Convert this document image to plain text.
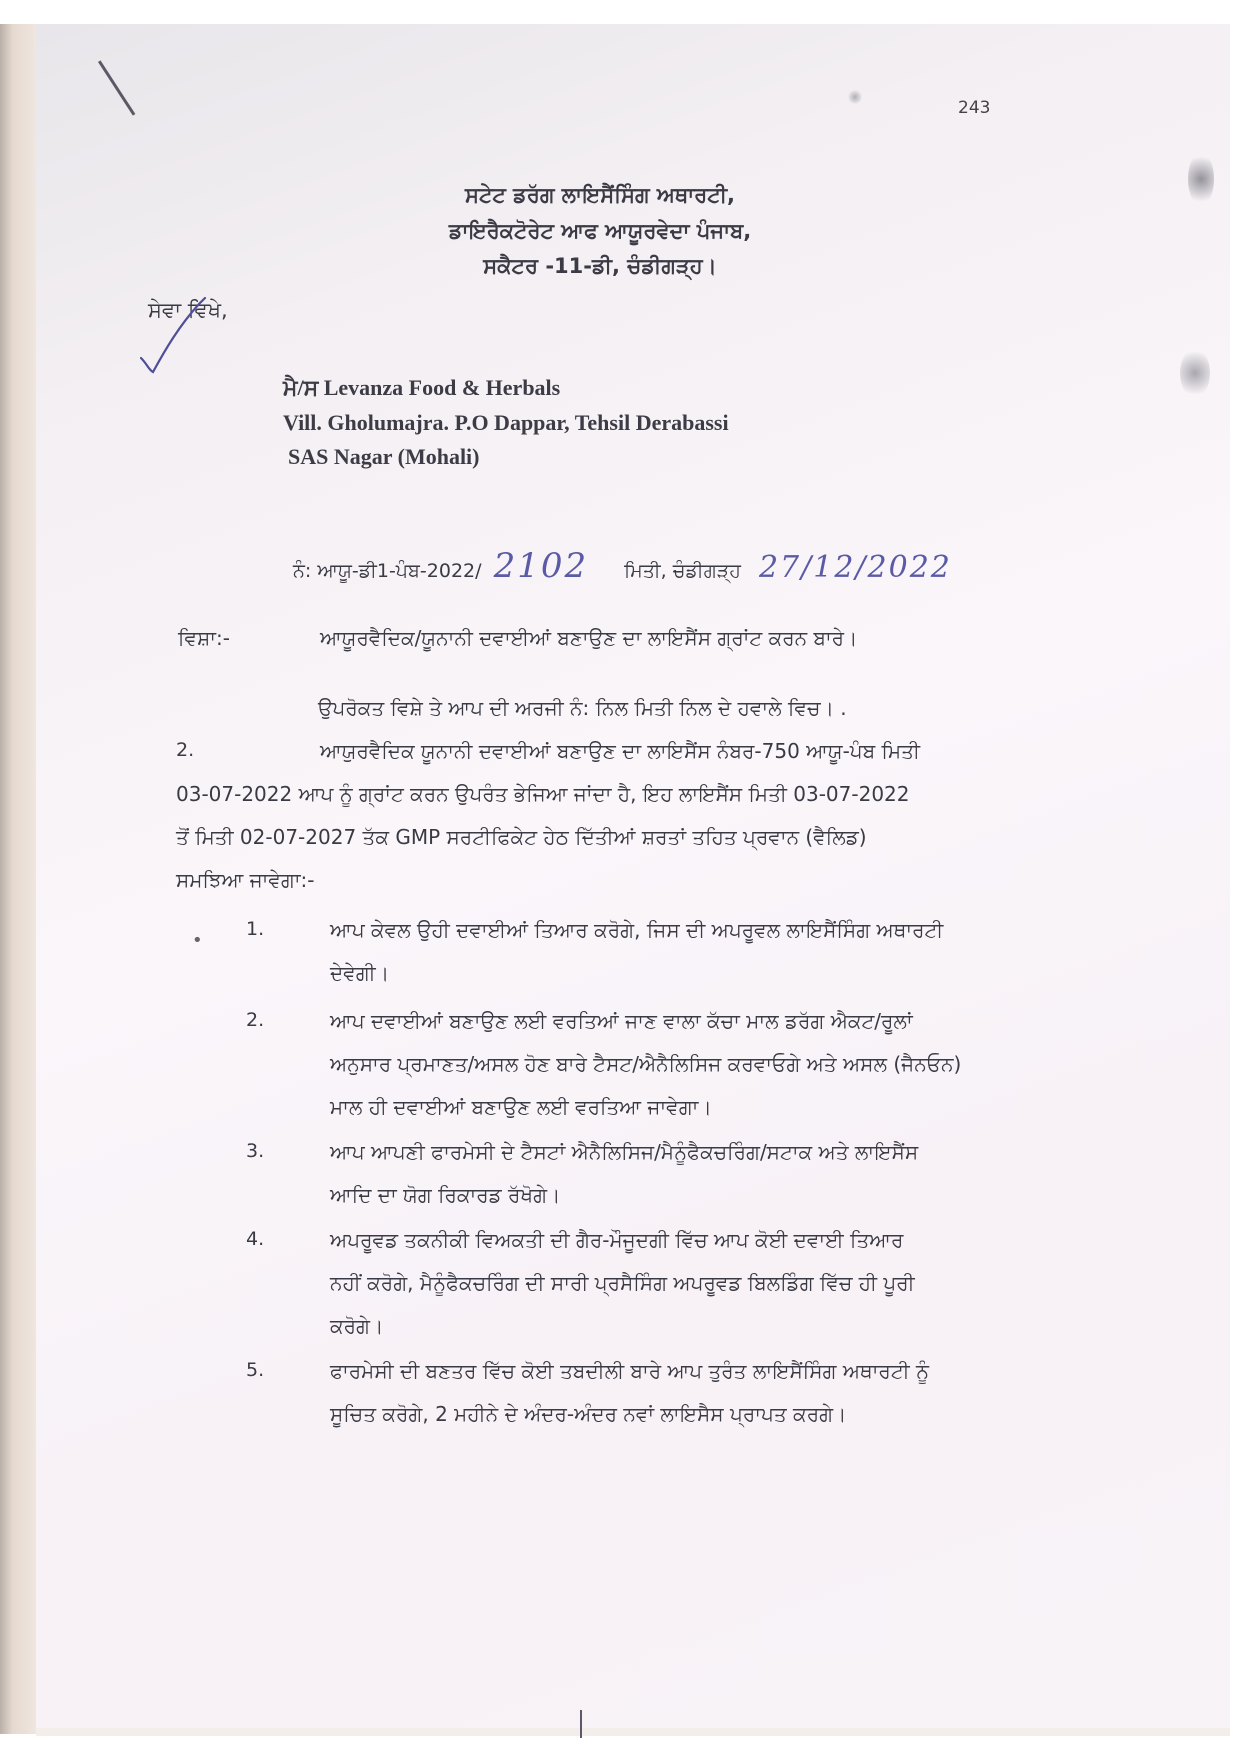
243
ਸਟੇਟ ਡਰੱਗ ਲਾਇਸੈਂਸਿੰਗ ਅਥਾਰਟੀ,
ਡਾਇਰੈਕਟੋਰੇਟ ਆਫ ਆਯੂਰਵੇਦਾ ਪੰਜਾਬ,
ਸਕੈਟਰ -11-ਡੀ, ਚੰਡੀਗੜ੍ਹ।
ਸੇਵਾ ਵਿਖੇ,
ਮੈ/ਸ Levanza Food & Herbals
Vill. Gholumajra. P.O Dappar, Tehsil Derabassi
SAS Nagar (Mohali)
ਨੰ: ਆਯੂ-ਡੀ1-ਪੰਬ-2022/ 2102 ਮਿਤੀ, ਚੰਡੀਗੜ੍ਹ 27/12/2022
ਵਿਸ਼ਾ:-	ਆਯੂਰਵੈਦਿਕ/ਯੂਨਾਨੀ ਦਵਾਈਆਂ ਬਣਾਉਣ ਦਾ ਲਾਇਸੈਂਸ ਗ੍ਰਾਂਟ ਕਰਨ ਬਾਰੇ।
ਉਪਰੋਕਤ ਵਿਸ਼ੇ ਤੇ ਆਪ ਦੀ ਅਰਜੀ ਨੰ: ਨਿਲ ਮਿਤੀ ਨਿਲ ਦੇ ਹਵਾਲੇ ਵਿਚ। .
2.	ਆਯੁਰਵੈਦਿਕ ਯੂਨਾਨੀ ਦਵਾਈਆਂ ਬਣਾਉਣ ਦਾ ਲਾਇਸੈਂਸ ਨੰਬਰ-750 ਆਯੂ-ਪੰਬ ਮਿਤੀ
03-07-2022 ਆਪ ਨੂੰ ਗ੍ਰਾਂਟ ਕਰਨ ਉਪਰੰਤ ਭੇਜਿਆ ਜਾਂਦਾ ਹੈ, ਇਹ ਲਾਇਸੈਂਸ ਮਿਤੀ 03-07-2022
ਤੋਂ ਮਿਤੀ 02-07-2027 ਤੱਕ GMP ਸਰਟੀਫਿਕੇਟ ਹੇਠ ਦਿੱਤੀਆਂ ਸ਼ਰਤਾਂ ਤਹਿਤ ਪ੍ਰਵਾਨ (ਵੈਲਿਡ)
ਸਮਝਿਆ ਜਾਵੇਗਾ:-
•
1.	ਆਪ ਕੇਵਲ ਉਹੀ ਦਵਾਈਆਂ ਤਿਆਰ ਕਰੋਗੇ, ਜਿਸ ਦੀ ਅਪਰੂਵਲ ਲਾਇਸੈਂਸਿੰਗ ਅਥਾਰਟੀ
ਦੇਵੇਗੀ।
2.	ਆਪ ਦਵਾਈਆਂ ਬਣਾਉਣ ਲਈ ਵਰਤਿਆਂ ਜਾਣ ਵਾਲਾ ਕੱਚਾ ਮਾਲ ਡਰੱਗ ਐਕਟ/ਰੂਲਾਂ
ਅਨੁਸਾਰ ਪ੍ਰਮਾਣਤ/ਅਸਲ ਹੋਣ ਬਾਰੇ ਟੈਸਟ/ਐਨੈਲਿਸਿਜ ਕਰਵਾਓਗੇ ਅਤੇ ਅਸਲ (ਜੈਨਓਨ)
ਮਾਲ ਹੀ ਦਵਾਈਆਂ ਬਣਾਉਣ ਲਈ ਵਰਤਿਆ ਜਾਵੇਗਾ।
3.	ਆਪ ਆਪਣੀ ਫਾਰਮੇਸੀ ਦੇ ਟੈਸਟਾਂ ਐਨੈਲਿਸਿਜ/ਮੈਨੂੰਫੈਕਚਰਿੰਗ/ਸਟਾਕ ਅਤੇ ਲਾਇਸੈਂਸ
ਆਦਿ ਦਾ ਯੋਗ ਰਿਕਾਰਡ ਰੱਖੋਗੇ।
4.	ਅਪਰੂਵਡ ਤਕਨੀਕੀ ਵਿਅਕਤੀ ਦੀ ਗੈਰ-ਮੌਜੂਦਗੀ ਵਿੱਚ ਆਪ ਕੋਈ ਦਵਾਈ ਤਿਆਰ
ਨਹੀਂ ਕਰੋਗੇ, ਮੈਨੂੰਫੈਕਚਰਿੰਗ ਦੀ ਸਾਰੀ ਪ੍ਰਸੈਸਿੰਗ ਅਪਰੂਵਡ ਬਿਲਡਿੰਗ ਵਿੱਚ ਹੀ ਪੂਰੀ
ਕਰੋਗੇ।
5.	ਫਾਰਮੇਸੀ ਦੀ ਬਣਤਰ ਵਿੱਚ ਕੋਈ ਤਬਦੀਲੀ ਬਾਰੇ ਆਪ ਤੁਰੰਤ ਲਾਇਸੈਂਸਿੰਗ ਅਥਾਰਟੀ ਨੂੰ
ਸੂਚਿਤ ਕਰੋਗੇ, 2 ਮਹੀਨੇ ਦੇ ਅੰਦਰ-ਅੰਦਰ ਨਵਾਂ ਲਾਇਸੈਸ ਪ੍ਰਾਪਤ ਕਰਗੇ।
